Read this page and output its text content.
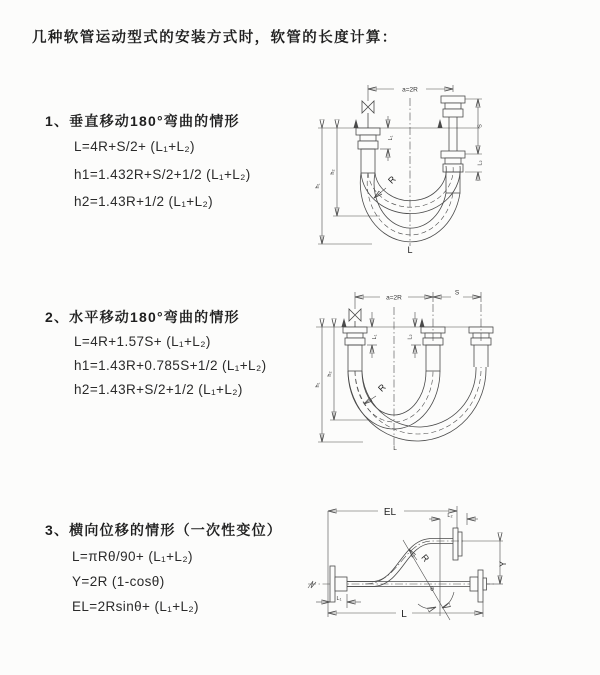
几种软管运动型式的安装方式时，软管的长度计算：
1、垂直移动180°弯曲的情形
L=4R+S/2+ (L₁+L₂)
h1=1.432R+S/2+1/2 (L₁+L₂)
h2=1.43R+1/2 (L₁+L₂)
2、水平移动180°弯曲的情形
L=4R+1.57S+ (L₁+L₂)
h1=1.43R+0.785S+1/2 (L₁+L₂)
h2=1.43R+S/2+1/2 (L₁+L₂)
3、横向位移的情形（一次性变位）
L=πRθ/90+ (L₁+L₂)
Y=2R (1-cosθ)
EL=2Rsinθ+ (L₁+L₂)
a=2R
L₁
S
L₂
h₁
h₂
R
L
a=2R
S
L₁	L₂
h₁
h₂
R
L
EL	L₂
Y
θ
R
L₁
L
